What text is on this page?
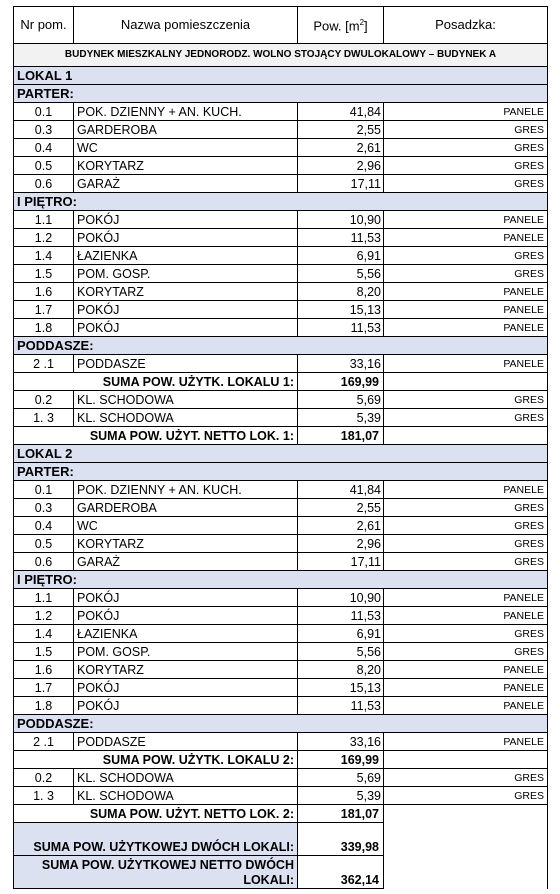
Nr pom.	Nazwa pomieszczenia	Pow. $[m^2]$	Posadzka:
BUDYNEK MIESZKALNY JEDNORODZ. WOLNO STOJĄCY DWULOKALOWY – BUDYNEK A			
LOKAL 1			
PARTER:			
0.1	POK. DZIENNY + AN. KUCH.	41,84	PANELE
0.3	GARDEROBA	2,55	GRES
0.4	WC	2,61	GRES
0.5	KORYTARZ	2,96	GRES
0.6	GARAŻ	17,11	GRES
I PIĘTRO:			
1.1	POKÓJ	10,90	PANELE
1.2	POKÓJ	11,53	PANELE
1.4	ŁAZIENKA	6,91	GRES
1.5	POM. GOSP.	5,56	GRES
1.6	KORYTARZ	8,20	PANELE
1.7	POKÓJ	15,13	PANELE
1.8	POKÓJ	11,53	PANELE
PODDASZE:			
2 .1	PODDASZE	33,16	PANELE
SUMA POW. UŻYTK. LOKALU 1:		169,99	
0.2	KL. SCHODOWA	5,69	GRES
1. 3	KL. SCHODOWA	5,39	GRES
SUMA POW. UŻYT. NETTO LOK. 1:		181,07	
LOKAL 2			
PARTER:			
0.1	POK. DZIENNY + AN. KUCH.	41,84	PANELE
0.3	GARDEROBA	2,55	GRES
0.4	WC	2,61	GRES
0.5	KORYTARZ	2,96	GRES
0.6	GARAŻ	17,11	GRES
I PIĘTRO:			
1.1	POKÓJ	10,90	PANELE
1.2	POKÓJ	11,53	PANELE
1.4	ŁAZIENKA	6,91	GRES
1.5	POM. GOSP.	5,56	GRES
1.6	KORYTARZ	8,20	PANELE
1.7	POKÓJ	15,13	PANELE
1.8	POKÓJ	11,53	PANELE
PODDASZE:			
2 .1	PODDASZE	33,16	PANELE
SUMA POW. UŻYTK. LOKALU 2:		169,99	
0.2	KL. SCHODOWA	5,69	GRES
1. 3	KL. SCHODOWA	5,39	GRES
SUMA POW. UŻYT. NETTO LOK. 2:		181,07	
SUMA POW. UŻYTKOWEJ DWÓCH LOKALI:		339,98	
SUMA POW. UŻYTKOWEJ NETTO DWÓCH LOKALI:		362,14	
